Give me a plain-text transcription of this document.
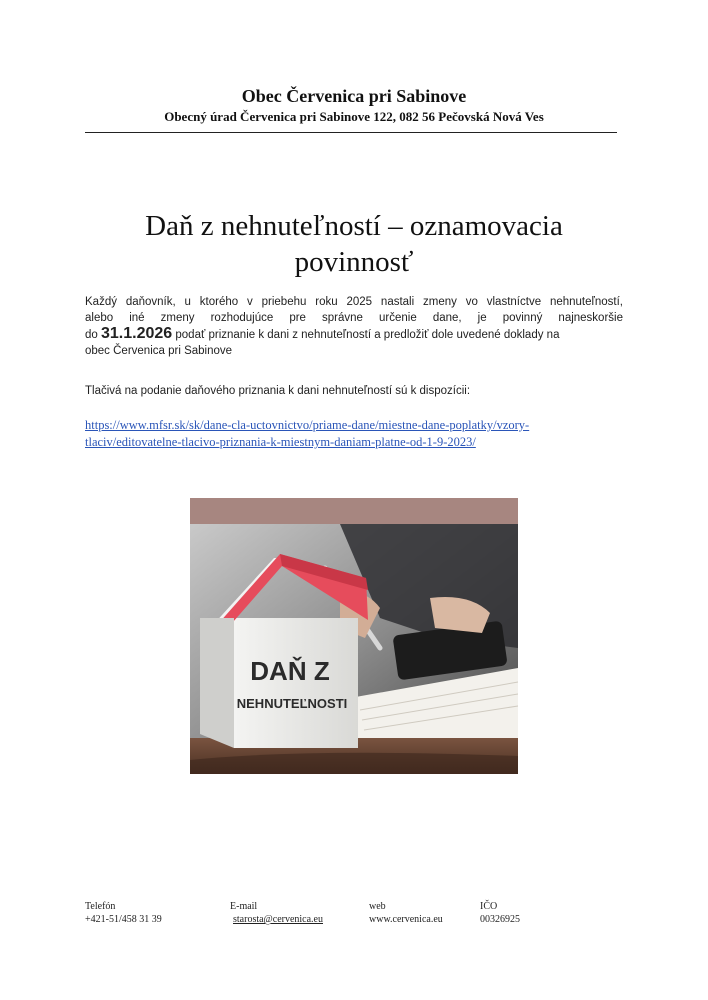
Obec Červenica pri Sabinove
Obecný úrad Červenica pri Sabinove 122, 082 56 Pečovská Nová Ves
Daň z nehnuteľností – oznamovacia
povinnosť
Každý daňovník, u ktorého v priebehu roku 2025 nastali zmeny vo vlastníctve nehnuteľností,
alebo iné zmeny rozhodujúce pre správne určenie dane, je povinný najneskoršie
do 31.1.2026 podať priznanie k dani z nehnuteľností a predložiť dole uvedené doklady na
obec Červenica pri Sabinove
Tlačivá na podanie daňového priznania k dani nehnuteľností sú k dispozícii:
https://www.mfsr.sk/sk/dane-cla-uctovnictvo/priame-dane/miestne-dane-poplatky/vzory-
tlaciv/editovatelne-tlacivo-priznania-k-miestnym-daniam-platne-od-1-9-2023/
DAŇ Z
NEHNUTEĽNOSTI
Telefón
+421-51/458 31 39
E-mail
starosta@cervenica.eu
web
www.cervenica.eu
IČO
00326925
